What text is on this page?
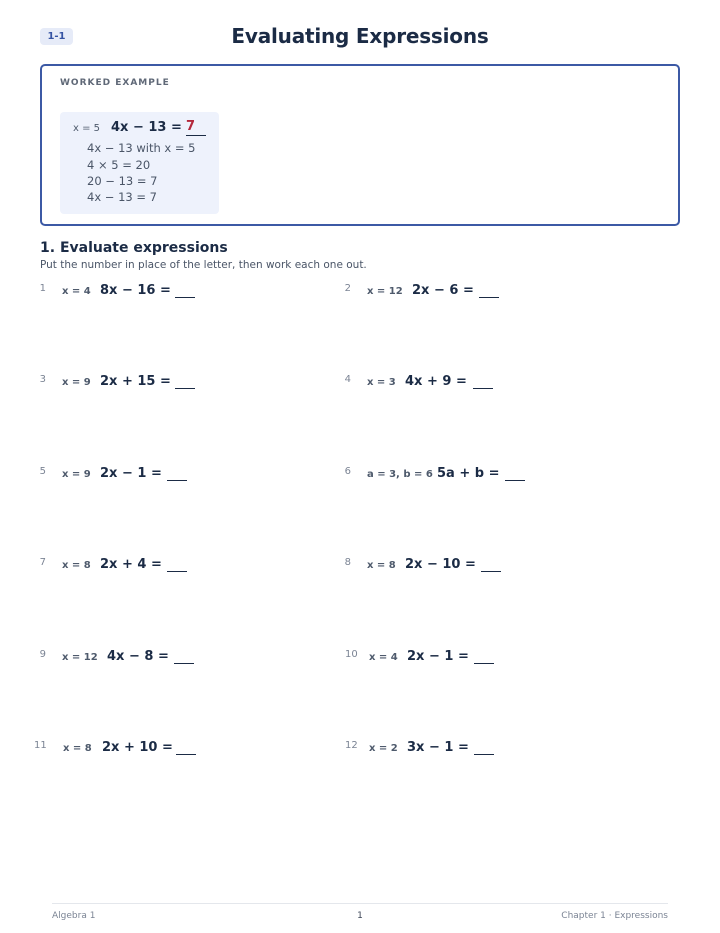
1-1	Evaluating Expressions
WORKED EXAMPLE
x = 5 4x − 13 = 7
4x − 13 with x = 5
4 × 5 = 20
20 − 13 = 7
4x − 13 = 7
1. Evaluate expressions
Put the number in place of the letter, then work each one out.
1 x = 4 8x − 16 =
3 x = 9 2x + 15 =
5 x = 9 2x − 1 =
7 x = 8 2x + 4 =
9 x = 12 4x − 8 =
11 x = 8 2x + 10 =
2 x = 12 2x − 6 =
4 x = 3 4x + 9 =
6 a = 3, b = 6 5a + b =
8 x = 8 2x − 10 =
10 x = 4 2x − 1 =
12 x = 2 3x − 1 =
Algebra 1	1	Chapter 1 · Expressions
